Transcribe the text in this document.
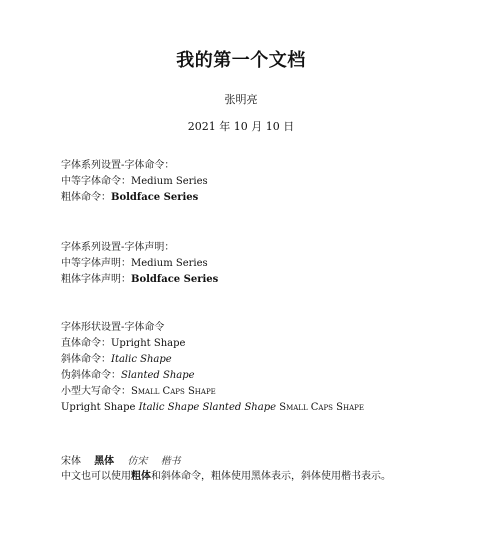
我的第一个文档
张明亮
2021 年 10 月 10 日
字体系列设置-字体命令：
中等字体命令：Medium Series
粗体命令：Boldface Series
字体系列设置-字体声明：
中等字体声明：Medium Series
粗体字体声明：Boldface Series
字体形状设置-字体命令
直体命令：Upright Shape
斜体命令：Italic Shape
伪斜体命令：Slanted Shape
小型大写命令：Small Caps Shape
Upright Shape Italic Shape Slanted Shape Small Caps Shape
宋体 黑体 仿宋 楷书
中文也可以使用粗体和斜体命令，粗体使用黑体表示，斜体使用楷书表示。
